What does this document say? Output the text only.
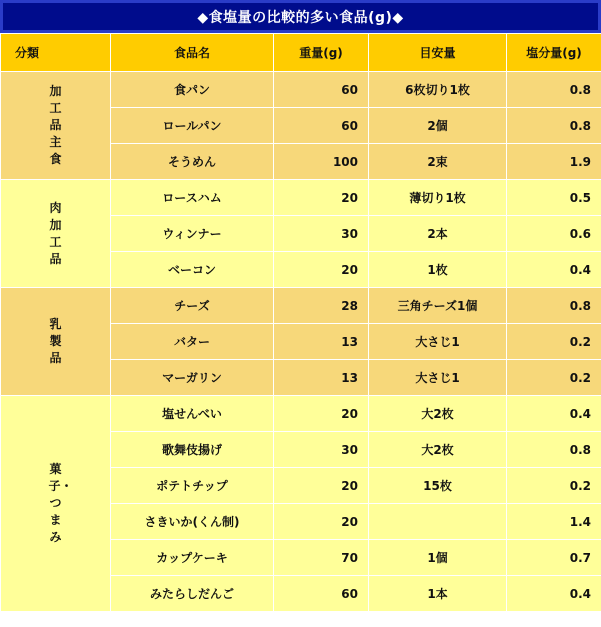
◆食塩量の比較的多い食品(g)◆
分類	食品名	重量(g)	目安量	塩分量(g)
加工品主食	食パン	60	6枚切り1枚	0.8
	ロールパン	60	2個	0.8
	そうめん	100	2束	1.9
肉加工品	ロースハム	20	薄切り1枚	0.5
	ウィンナー	30	2本	0.6
	ベーコン	20	1枚	0.4
乳製品	チーズ	28	三角チーズ1個	0.8
	バター	13	大さじ1	0.2
	マーガリン	13	大さじ1	0.2
菓子・つまみ	塩せんべい	20	大2枚	0.4
	歌舞伎揚げ	30	大2枚	0.8
	ポテトチップ	20	15枚	0.2
	さきいか(くん制)	20		1.4
	カップケーキ	70	1個	0.7
	みたらしだんご	60	1本	0.4
